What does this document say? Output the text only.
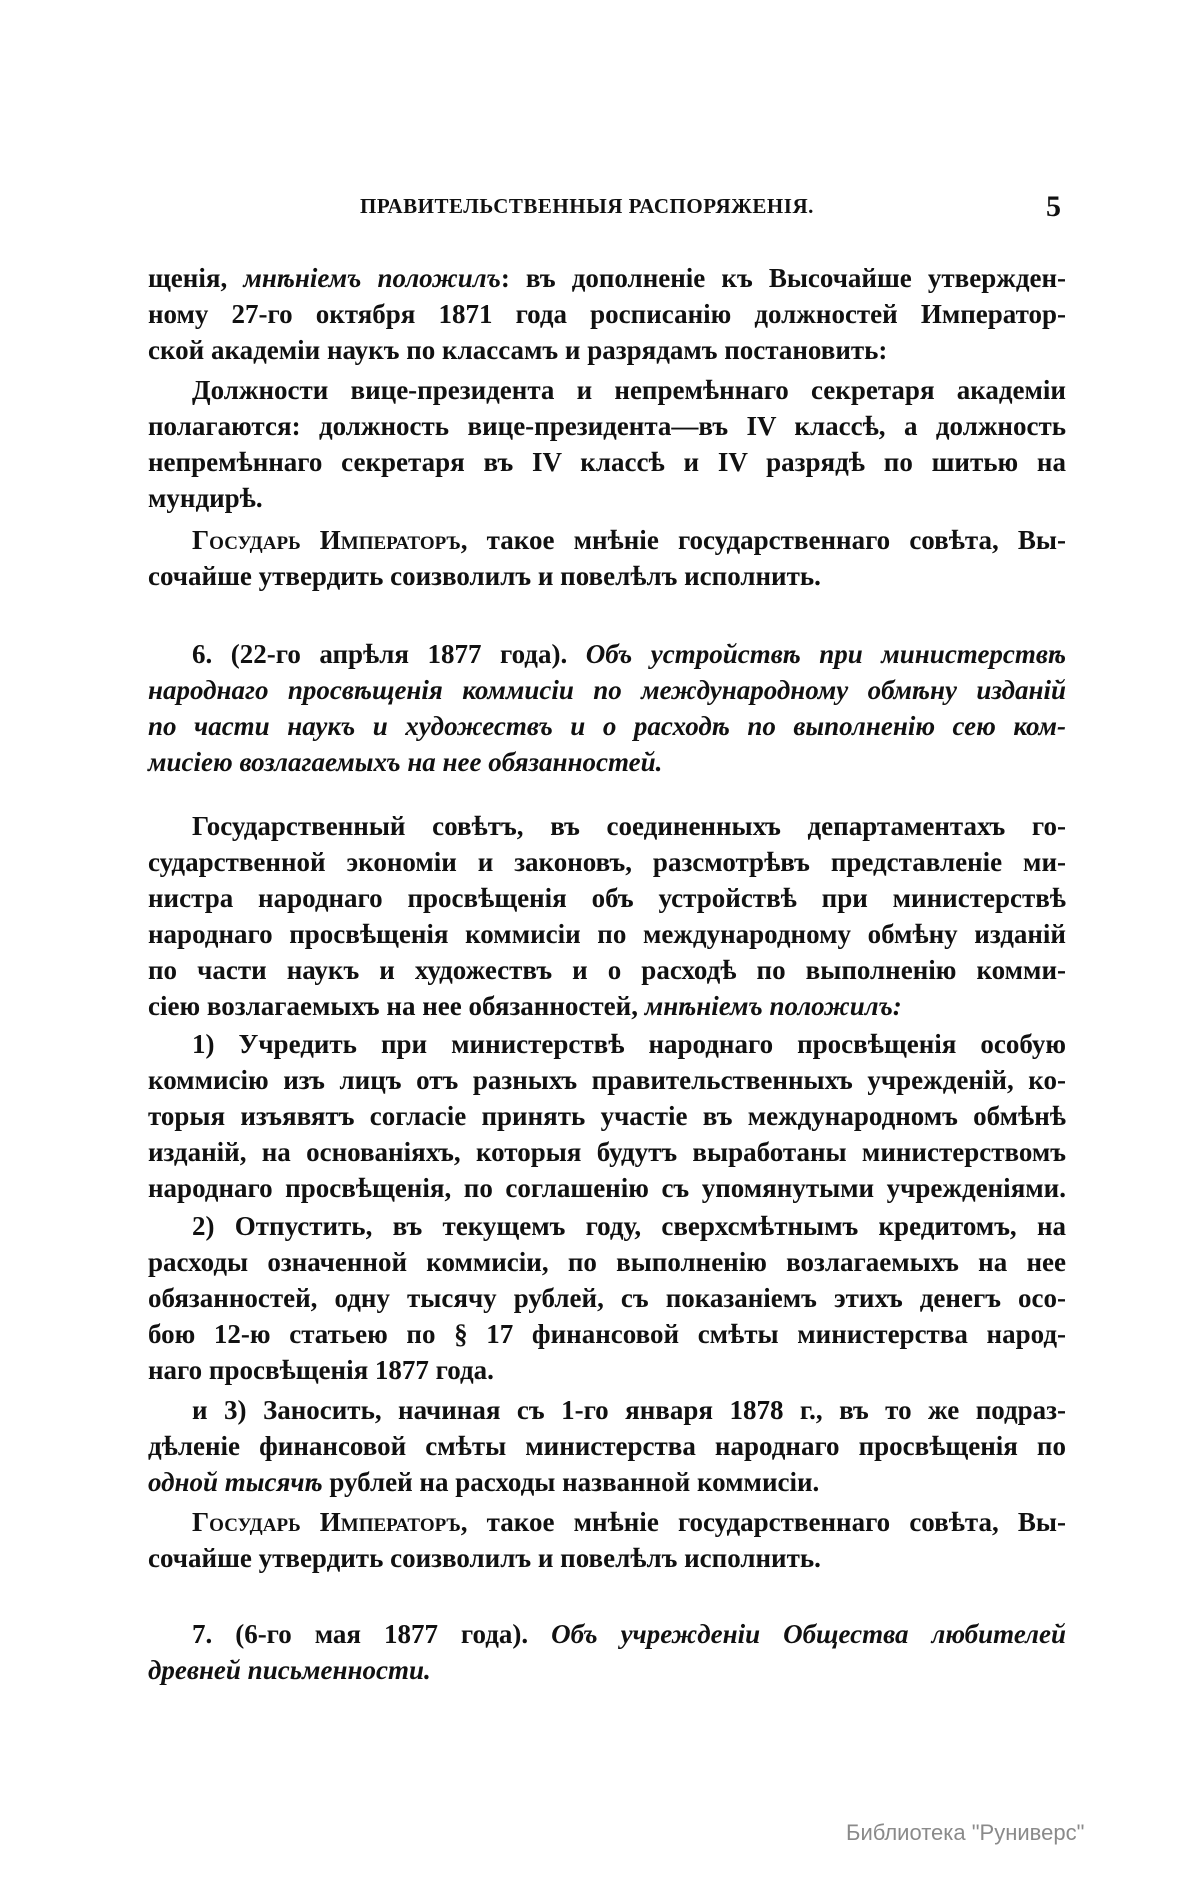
ПРАВИТЕЛЬСТВЕННЫЯ РАСПОРЯЖЕНІЯ.	5
щенія, мнѣніемъ положилъ: въ дополненіе къ Высочайше утвержден-
ному 27-го октября 1871 года росписанію должностей Император-
ской академіи наукъ по классамъ и разрядамъ постановить:
Должности вице-президента и непремѣннаго секретаря академіи
полагаются: должность вице-президента—въ IV классѣ, а должность
непремѣннаго секретаря въ IV классѣ и IV разрядѣ по шитью на
мундирѣ.
Государь Императоръ, такое мнѣніе государственнаго совѣта, Вы-
сочайше утвердить соизволилъ и повелѣлъ исполнить.
6. (22-го апрѣля 1877 года). Объ устройствѣ при министерствѣ
народнаго просвѣщенія коммисіи по международному обмѣну изданій
по части наукъ и художествъ и о расходѣ по выполненію сею ком-
мисіею возлагаемыхъ на нее обязанностей.
Государственный совѣтъ, въ соединенныхъ департаментахъ го-
сударственной экономіи и законовъ, разсмотрѣвъ представленіе ми-
нистра народнаго просвѣщенія объ устройствѣ при министерствѣ
народнаго просвѣщенія коммисіи по международному обмѣну изданій
по части наукъ и художествъ и о расходѣ по выполненію комми-
сіею возлагаемыхъ на нее обязанностей, мнѣніемъ положилъ:
1) Учредить при министерствѣ народнаго просвѣщенія особую
коммисію изъ лицъ отъ разныхъ правительственныхъ учрежденій, ко-
торыя изъявятъ согласіе принять участіе въ международномъ обмѣнѣ
изданій, на основаніяхъ, которыя будутъ выработаны министерствомъ
народнаго просвѣщенія, по соглашенію съ упомянутыми учрежденіями.
2) Отпустить, въ текущемъ году, сверхсмѣтнымъ кредитомъ, на
расходы означенной коммисіи, по выполненію возлагаемыхъ на нее
обязанностей, одну тысячу рублей, съ показаніемъ этихъ денегъ осо-
бою 12-ю статьею по § 17 финансовой смѣты министерства народ-
наго просвѣщенія 1877 года.
и 3) Заносить, начиная съ 1-го января 1878 г., въ то же подраз-
дѣленіе финансовой смѣты министерства народнаго просвѣщенія по
одной тысячѣ рублей на расходы названной коммисіи.
Государь Императоръ, такое мнѣніе государственнаго совѣта, Вы-
сочайше утвердить соизволилъ и повелѣлъ исполнить.
7. (6-го мая 1877 года). Объ учрежденіи Общества любителей
древней письменности.
Библиотека "Руниверс"
